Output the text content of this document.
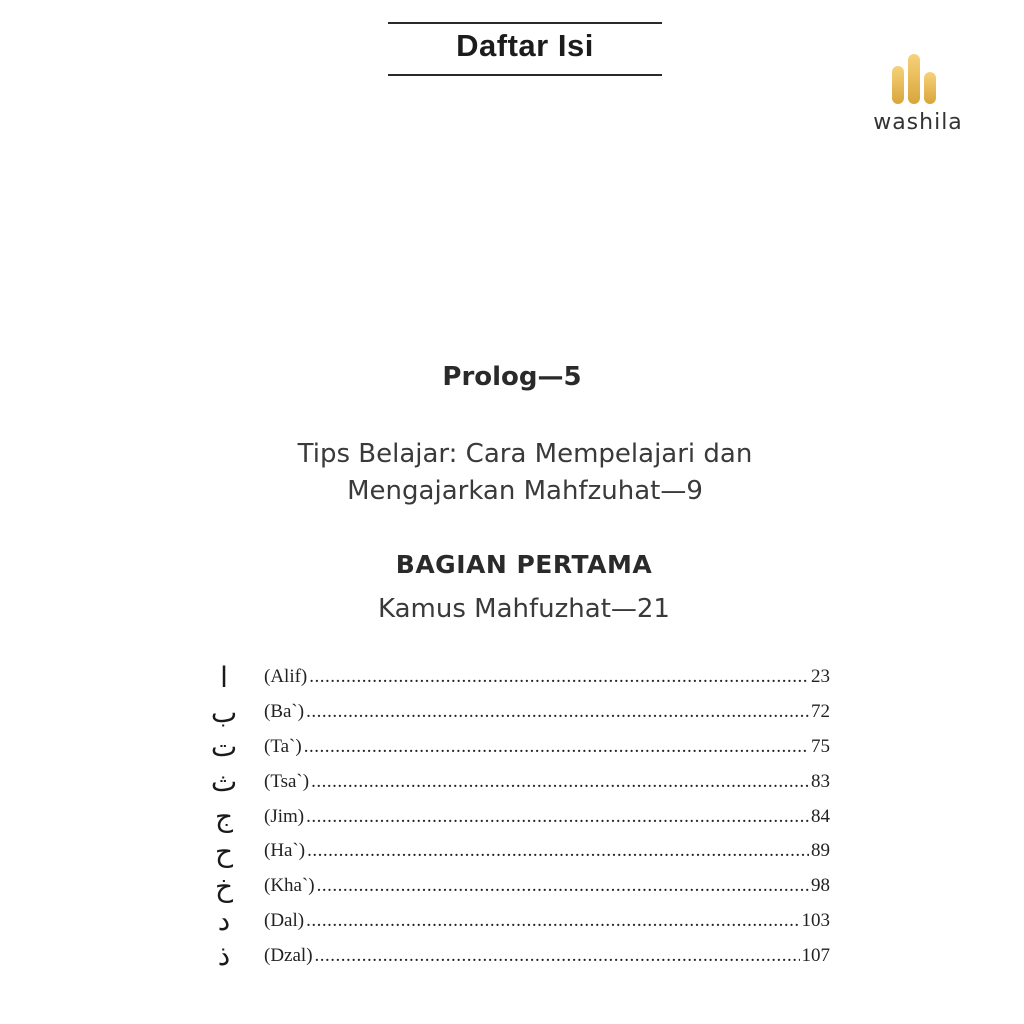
Daftar Isi
washila
Prolog—5
Tips Belajar: Cara Mempelajari dan
Mengajarkan Mahfzuhat—9
BAGIAN PERTAMA
Kamus Mahfuzhat—21
ا	(Alif) .....	23
ب	(Ba`) .....	72
ت	(Ta`) .....	75
ث	(Tsa`) .....	83
ج	(Jim) .....	84
ح	(Ha`) .....	89
خ	(Kha`) .....	98
د	(Dal) .....	103
ذ	(Dzal) .....	107
